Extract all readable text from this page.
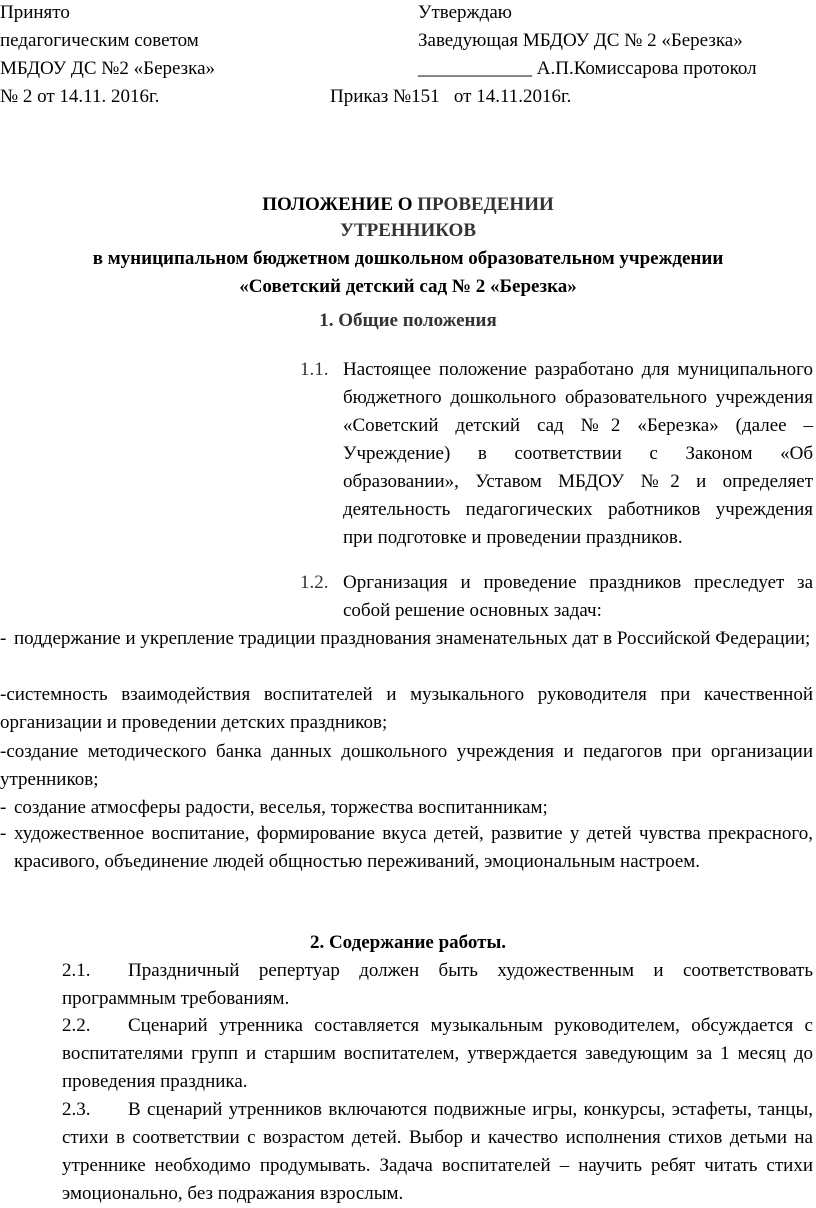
Принято
педагогическим советом
МБДОУ ДС №2 «Березка»
№ 2 от 14.11. 2016г.
Утверждаю
Заведующая МБДОУ ДС № 2 «Березка»
____________ А.П.Комиссарова протокол
Приказ №151   от 14.11.2016г.
ПОЛОЖЕНИЕ О ПРОВЕДЕНИИ
УТРЕННИКОВ
в муниципальном бюджетном дошкольном образовательном учреждении
«Советский детский сад № 2 «Березка»
1. Общие положения
1.1. Настоящее положение разработано для муниципального бюджетного дошкольного образовательного учреждения «Советский детский сад №2 «Березка» (далее – Учреждение) в соответствии с Законом «Об образовании», Уставом МБДОУ №2 и определяет деятельность педагогических работников учреждения при подготовке и проведении праздников.
1.2. Организация и проведение праздников преследует за собой решение основных задач:
- поддержание и укрепление традиции празднования знаменательных дат в Российской Федерации;
-системность взаимодействия воспитателей и музыкального руководителя при качественной организации и проведении детских праздников;
-создание методического банка данных дошкольного учреждения и педагогов при организации утренников;
- создание атмосферы радости, веселья, торжества воспитанникам;
- художественное воспитание, формирование вкуса детей, развитие у детей чувства прекрасного, красивого, объединение людей общностью переживаний, эмоциональным настроем.
2. Содержание работы.
2.1.	Праздничный репертуар должен быть художественным и соответствовать программным требованиям.
2.2.	Сценарий утренника составляется музыкальным руководителем, обсуждается с воспитателями групп и старшим воспитателем, утверждается заведующим за 1 месяц до проведения праздника.
2.3.	В сценарий утренников включаются подвижные игры, конкурсы, эстафеты, танцы, стихи в соответствии с возрастом детей. Выбор и качество исполнения стихов детьми на утреннике необходимо продумывать. Задача воспитателей – научить ребят читать стихи эмоционально, без подражания взрослым.
